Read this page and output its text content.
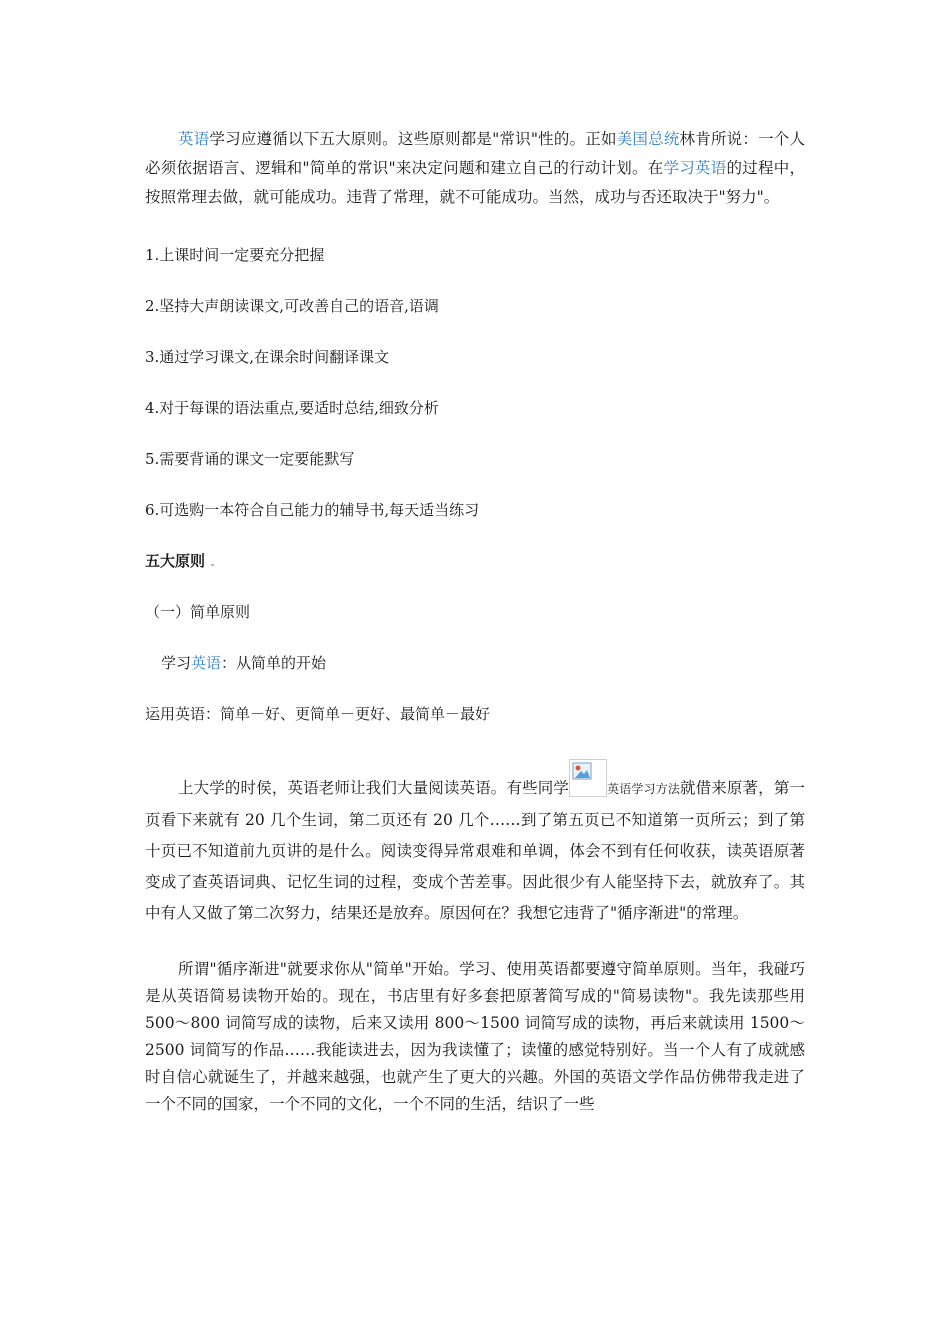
英语学习应遵循以下五大原则。这些原则都是"常识"性的。正如美国总统林肯所说：一个人必须依据语言、逻辑和"简单的常识"来决定问题和建立自己的行动计划。在学习英语的过程中，按照常理去做，就可能成功。违背了常理，就不可能成功。当然，成功与否还取决于"努力"。

1.上课时间一定要充分把握

2.坚持大声朗读课文,可改善自己的语音,语调

3.通过学习课文,在课余时间翻译课文

4.对于每课的语法重点,要适时总结,细致分析

5.需要背诵的课文一定要能默写

6.可选购一本符合自己能力的辅导书,每天适当练习

五大原则

（一）简单原则

学习英语：从简单的开始

运用英语：简单－好、更简单－更好、最简单－最好

上大学的时侯，英语老师让我们大量阅读英语。有些同学	英语学习方法就借来原著，第一页看下来就有 20 几个生词，第二页还有 20 几个……到了第五页已不知道第一页所云；到了第十页已不知道前九页讲的是什么。阅读变得异常艰难和单调，体会不到有任何收获，读英语原著变成了查英语词典、记忆生词的过程，变成个苦差事。因此很少有人能坚持下去，就放弃了。其中有人又做了第二次努力，结果还是放弃。原因何在？我想它违背了"循序渐进"的常理。

所谓"循序渐进"就要求你从"简单"开始。学习、使用英语都要遵守简单原则。当年，我碰巧是从英语简易读物开始的。现在，书店里有好多套把原著简写成的"简易读物"。我先读那些用 500～800 词简写成的读物，后来又读用 800～1500 词简写成的读物，再后来就读用 1500～2500 词简写的作品……我能读进去，因为我读懂了；读懂的感觉特别好。当一个人有了成就感时自信心就诞生了，并越来越强，也就产生了更大的兴趣。外国的英语文学作品仿佛带我走进了一个不同的国家，一个不同的文化，一个不同的生活，结识了一些
